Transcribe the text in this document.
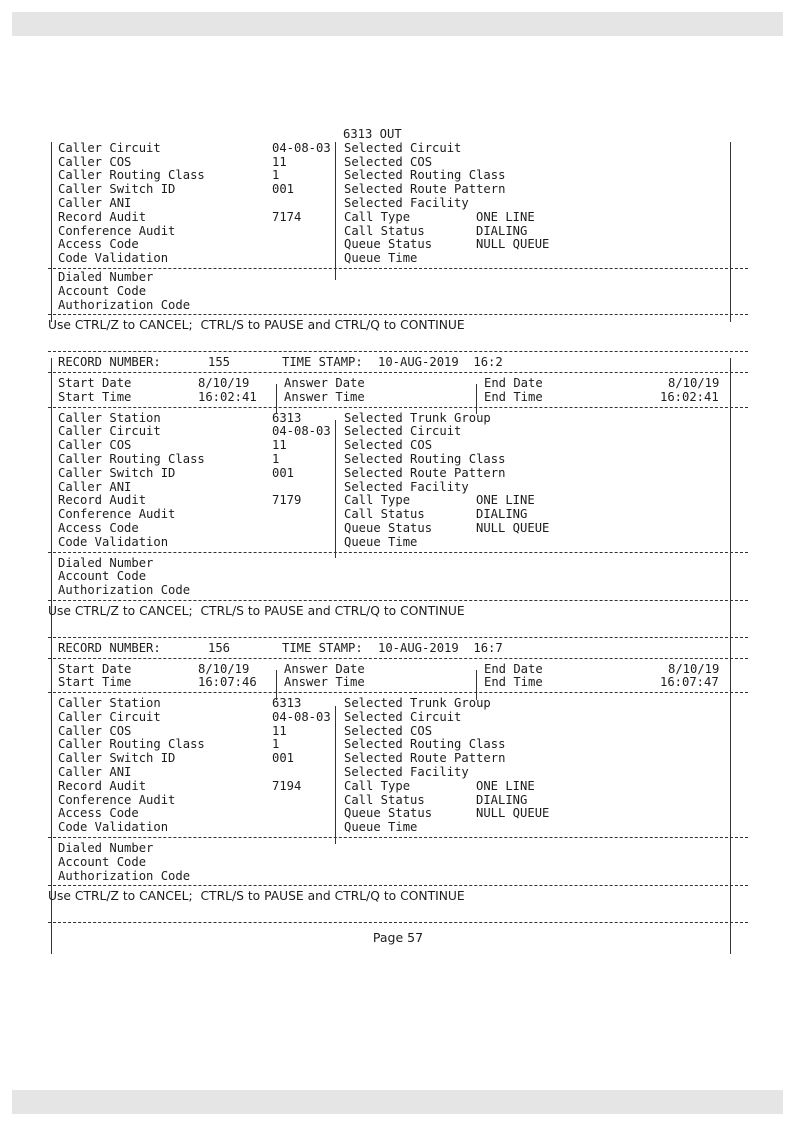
6313 OUT
Caller Circuit	04-08-03 Selected Circuit
Caller COS	11	Selected COS
Caller Routing Class	1	Selected Routing Class
Caller Switch ID	001	Selected Route Pattern
Caller ANI	Selected Facility
Record Audit	7174	Call Type	ONE LINE
Conference Audit	Call Status	DIALING
Access Code	Queue Status	NULL QUEUE
Code Validation	Queue Time
Dialed Number
Account Code
Authorization Code
Use CTRL/Z to CANCEL;  CTRL/S to PAUSE and CTRL/Q to CONTINUE
RECORD NUMBER:	155	TIME STAMP: 10-AUG-2019  16:2
Start Date	8/10/19	Answer Date	End Date	8/10/19
Start Time	16:02:41 Answer Time	End Time	16:02:41
Caller Station	6313	Selected Trunk Group
Caller Circuit	04-08-03 Selected Circuit
Caller COS	11	Selected COS
Caller Routing Class	1	Selected Routing Class
Caller Switch ID	001	Selected Route Pattern
Caller ANI	Selected Facility
Record Audit	7179	Call Type	ONE LINE
Conference Audit	Call Status	DIALING
Access Code	Queue Status	NULL QUEUE
Code Validation	Queue Time
Dialed Number
Account Code
Authorization Code
Use CTRL/Z to CANCEL;  CTRL/S to PAUSE and CTRL/Q to CONTINUE
RECORD NUMBER:	156	TIME STAMP: 10-AUG-2019  16:7
Start Date	8/10/19	Answer Date	End Date	8/10/19
Start Time	16:07:46 Answer Time	End Time	16:07:47
Caller Station	6313	Selected Trunk Group
Caller Circuit	04-08-03 Selected Circuit
Caller COS	11	Selected COS
Caller Routing Class	1	Selected Routing Class
Caller Switch ID	001	Selected Route Pattern
Caller ANI	Selected Facility
Record Audit	7194	Call Type	ONE LINE
Conference Audit	Call Status	DIALING
Access Code	Queue Status	NULL QUEUE
Code Validation	Queue Time
Dialed Number
Account Code
Authorization Code
Use CTRL/Z to CANCEL;  CTRL/S to PAUSE and CTRL/Q to CONTINUE
Page 57
